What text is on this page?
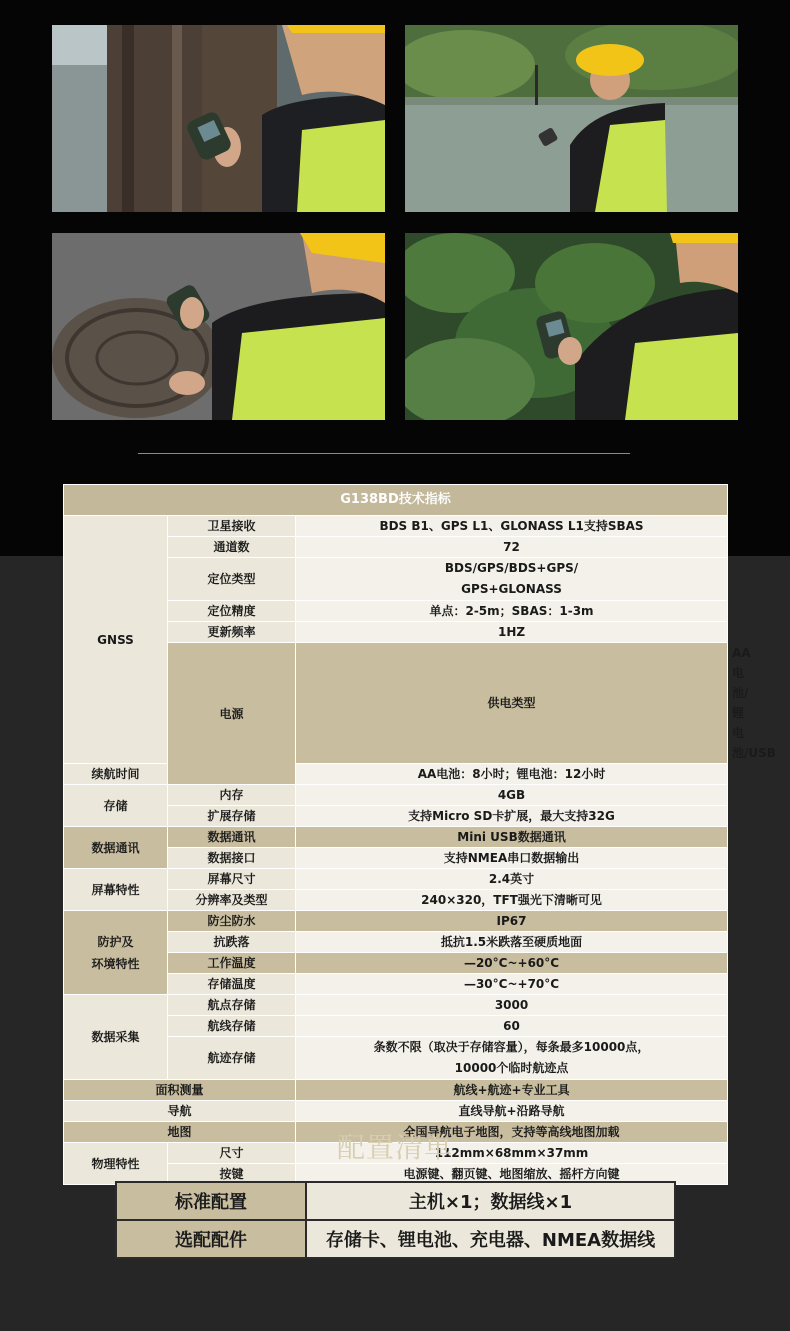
G138BD技术指标			
GNSS	卫星接收	BDS B1、GPS L1、GLONASS L1支持SBAS	
	通道数	72	
	定位类型	BDS/GPS/BDS+GPS/
GPS+GLONASS	

	定位精度	单点：2-5m；SBAS：1-3m	
	更新频率	1HZ	
	电源	供电类型	
续航时间		AA电池：8小时；锂电池：12小时	
存储	内存	4GB	
	扩展存储	支持Micro SD卡扩展，最大支持32G	
数据通讯	数据通讯	Mini USB数据通讯	
	数据接口	支持NMEA串口数据输出	
屏幕特性	屏幕尺寸	2.4英寸	
	分辨率及类型	240×320，TFT强光下清晰可见	

防护及
环境特性	防尘防水	IP67	
	抗跌落	抵抗1.5米跌落至硬质地面	
	工作温度	—20°C~+60°C	
	存储温度	—30°C~+70°C	
数据采集	航点存储	3000	
	航线存储	60	
	航迹存储	条数不限（取决于存储容量），每条最多10000点，
10000个临时航迹点	

面积测量		航线+航迹+专业工具	
导航		直线导航+沿路导航	
地图		全国导航电子地图，支持等高线地图加载	
物理特性	尺寸	112mm×68mm×37mm	
	按键	电源键、翻页键、地图缩放、摇杆方向键	
配置清单
标准配置	主机×1；数据线×1
选配配件	存储卡、锂电池、充电器、NMEA数据线
